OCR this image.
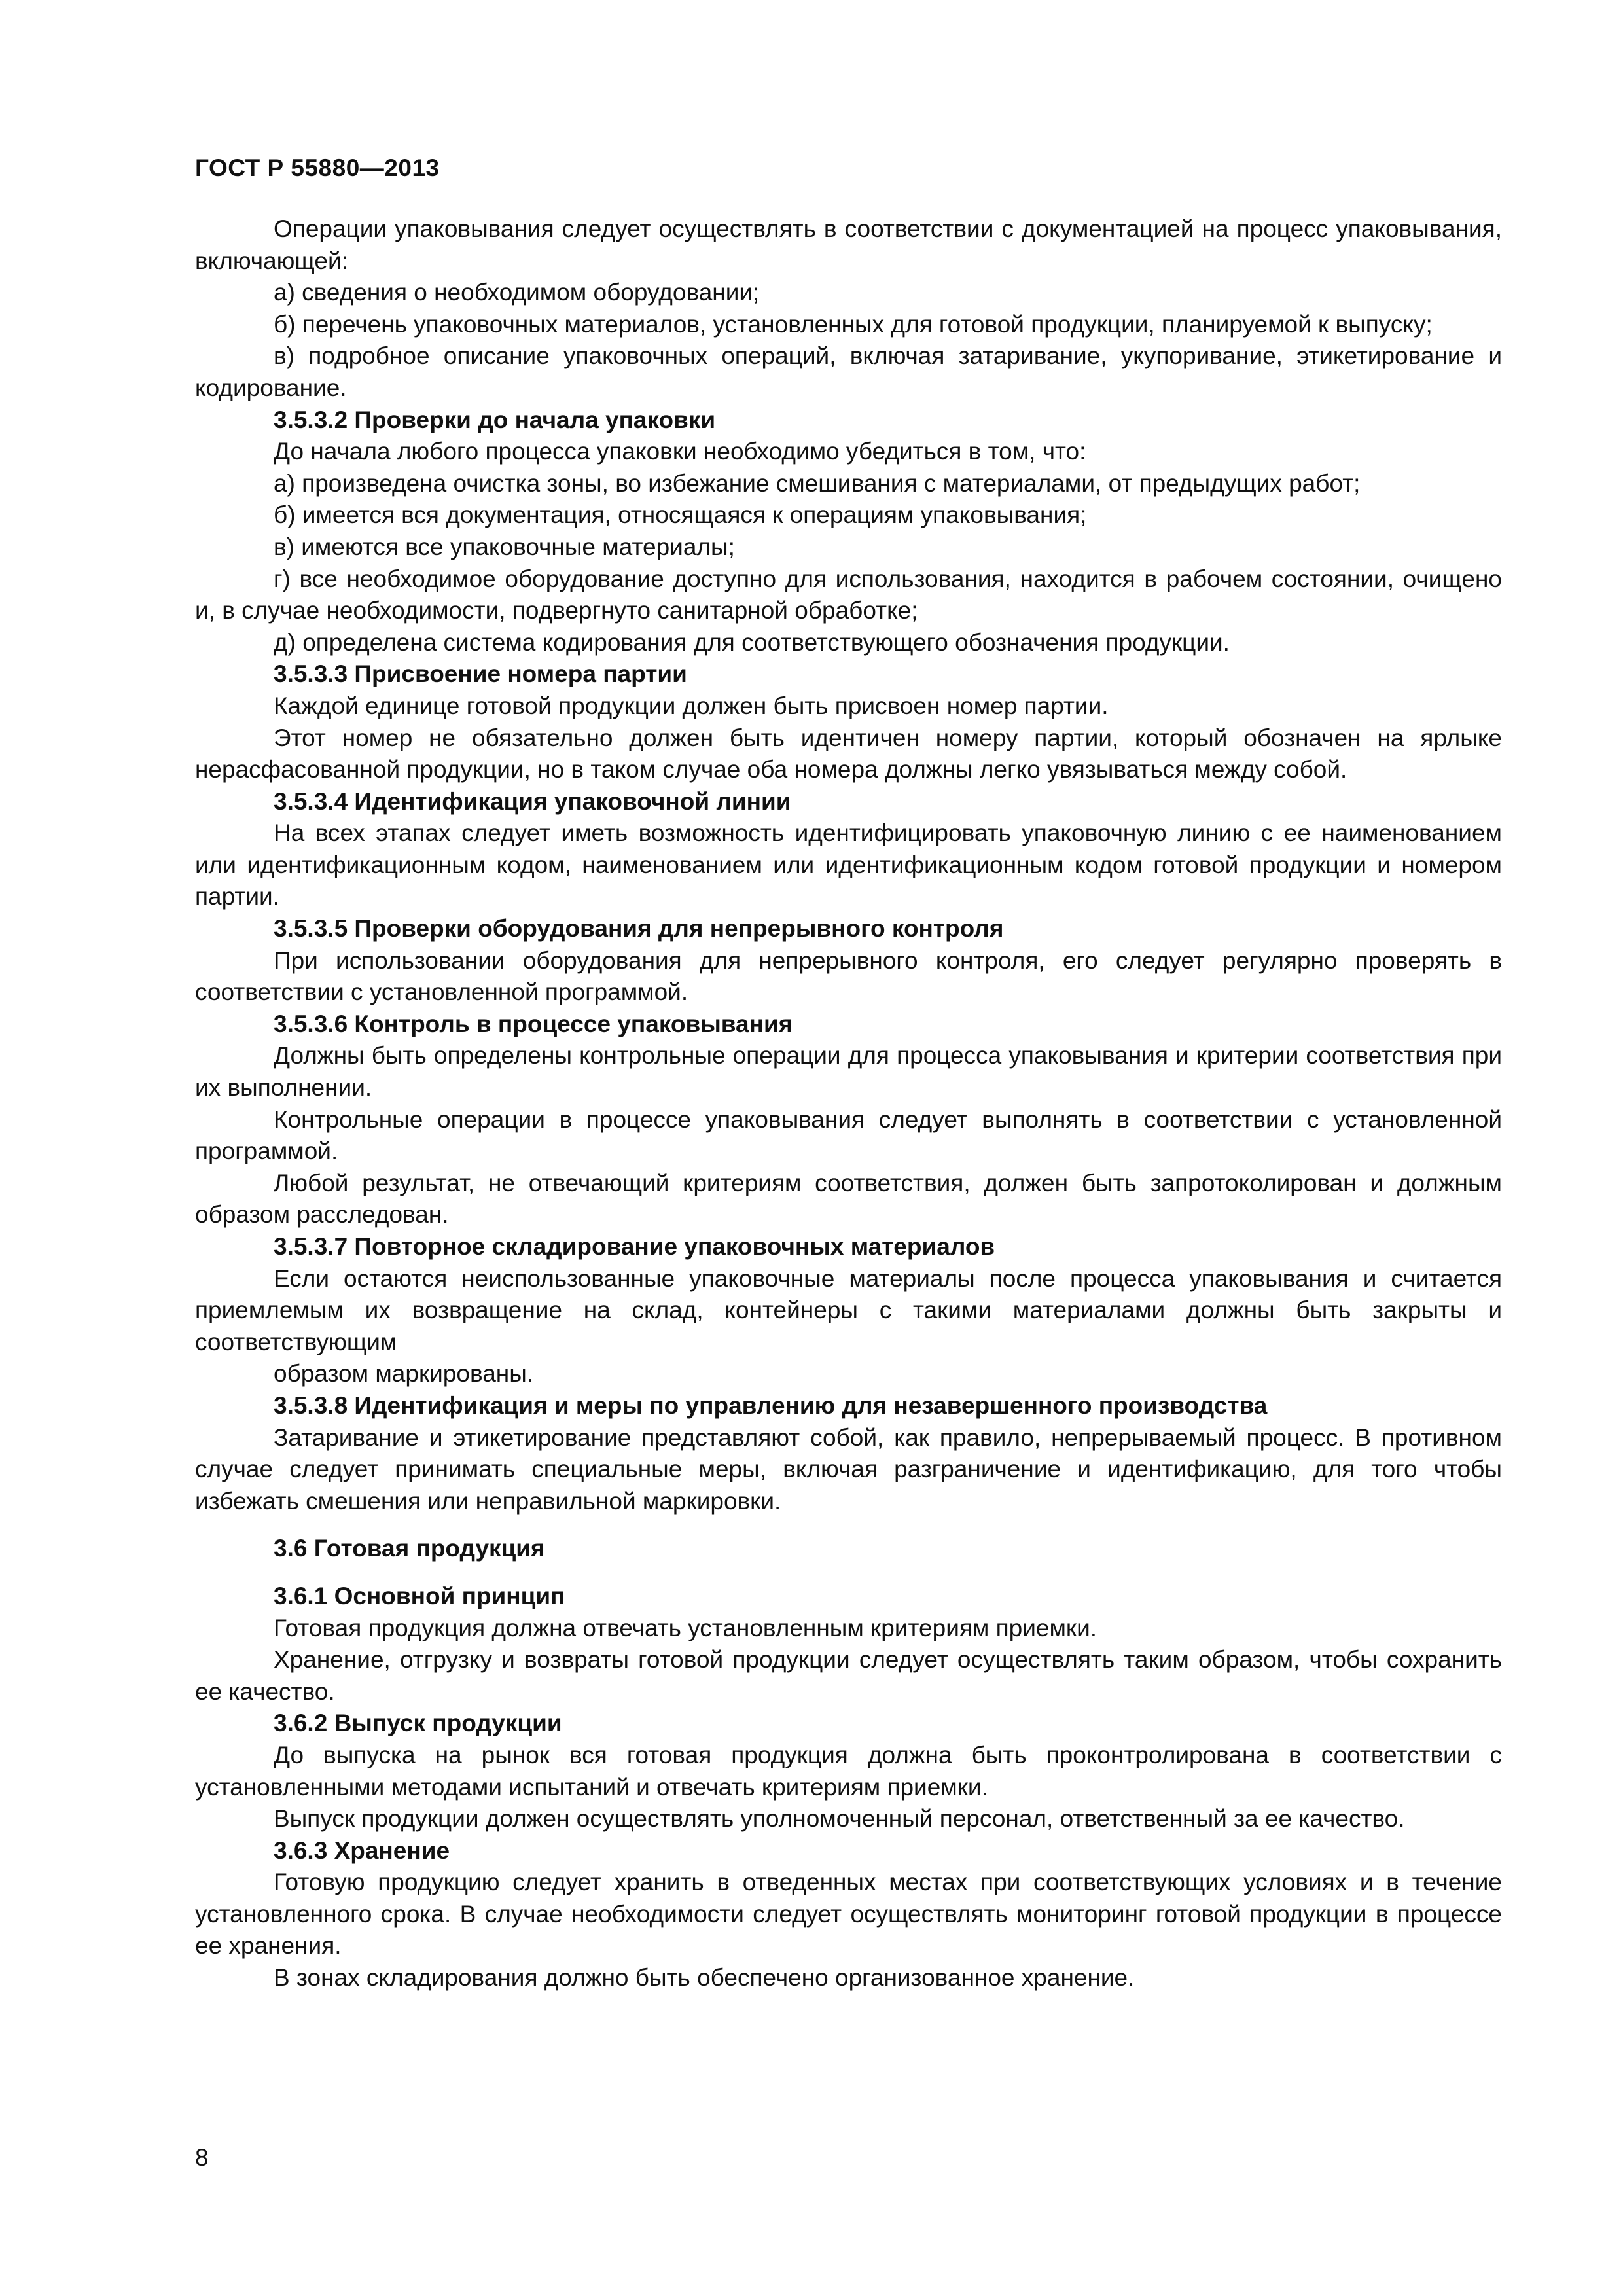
ГОСТ Р 55880—2013

Операции упаковывания следует осуществлять в соответствии с документацией на процесс упаковывания, включающей:

а) сведения о необходимом оборудовании;

б) перечень упаковочных материалов, установленных для готовой продукции, планируемой к выпуску;

в) подробное описание упаковочных операций, включая затаривание, укупоривание, этикетирование и кодирование.

3.5.3.2 Проверки до начала упаковки

До начала любого процесса упаковки необходимо убедиться в том, что:

а) произведена очистка зоны, во избежание смешивания с материалами, от предыдущих работ;

б) имеется вся документация, относящаяся к операциям упаковывания;

в) имеются все упаковочные материалы;

г) все необходимое оборудование доступно для использования, находится в рабочем состоянии, очищено и, в случае необходимости, подвергнуто санитарной обработке;

д) определена система кодирования для соответствующего обозначения продукции.

3.5.3.3 Присвоение номера партии

Каждой единице готовой продукции должен быть присвоен номер партии.

Этот номер не обязательно должен быть идентичен номеру партии, который обозначен на ярлыке нерасфасованной продукции, но в таком случае оба номера должны легко увязываться между собой.

3.5.3.4 Идентификация упаковочной линии

На всех этапах следует иметь возможность идентифицировать упаковочную линию с ее наименованием или идентификационным кодом, наименованием или идентификационным кодом готовой продукции и номером партии.

3.5.3.5 Проверки оборудования для непрерывного контроля

При использовании оборудования для непрерывного контроля, его следует регулярно проверять в соответствии с установленной программой.

3.5.3.6 Контроль в процессе упаковывания

Должны быть определены контрольные операции для процесса упаковывания и критерии соответствия при их выполнении.

Контрольные операции в процессе упаковывания следует выполнять в соответствии с установленной программой.

Любой результат, не отвечающий критериям соответствия, должен быть запротоколирован и должным образом расследован.

3.5.3.7 Повторное складирование упаковочных материалов

Если остаются неиспользованные упаковочные материалы после процесса упаковывания и считается приемлемым их возвращение на склад, контейнеры с такими материалами должны быть закрыты и соответствующим

образом маркированы.

3.5.3.8 Идентификация и меры по управлению для незавершенного производства

Затаривание и этикетирование представляют собой, как правило, непрерываемый процесс. В противном случае следует принимать специальные меры, включая разграничение и идентификацию, для того чтобы избежать смешения или неправильной маркировки.

3.6 Готовая продукция

3.6.1 Основной принцип

Готовая продукция должна отвечать установленным критериям приемки.

Хранение, отгрузку и возвраты готовой продукции следует осуществлять таким образом, чтобы сохранить ее качество.

3.6.2 Выпуск продукции

До выпуска на рынок вся готовая продукция должна быть проконтролирована в соответствии с установленными методами испытаний и отвечать критериям приемки.

Выпуск продукции должен осуществлять уполномоченный персонал, ответственный за ее качество.

3.6.3 Хранение

Готовую продукцию следует хранить в отведенных местах при соответствующих условиях и в течение установленного срока. В случае необходимости следует осуществлять мониторинг готовой продукции в процессе ее хранения.

В зонах складирования должно быть обеспечено организованное хранение.

8
